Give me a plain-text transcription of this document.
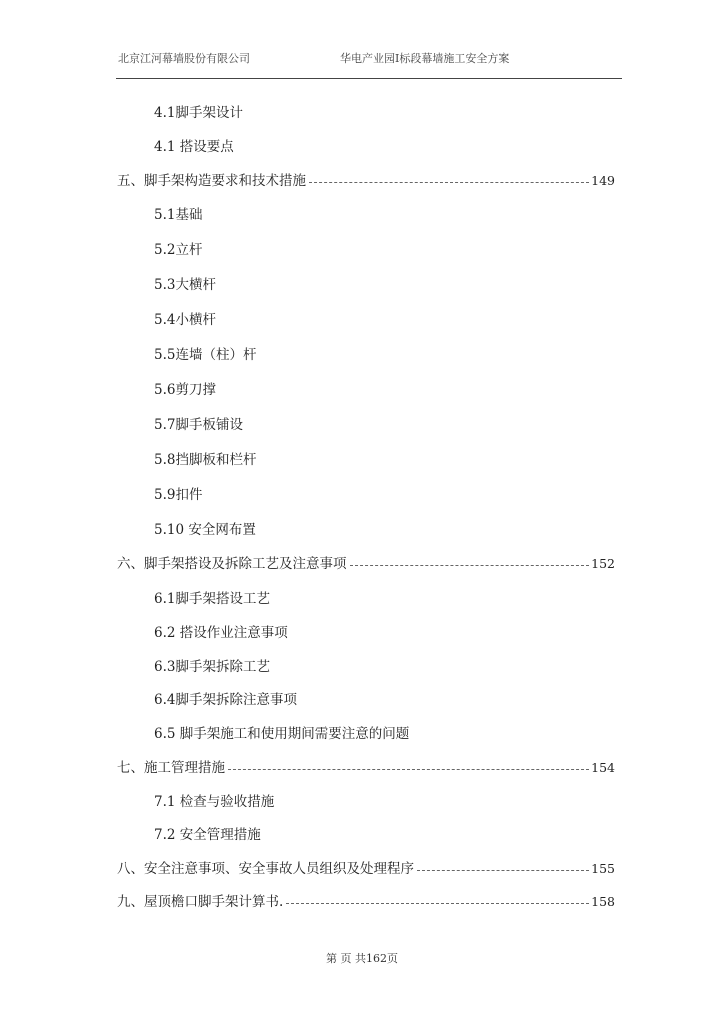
北京江河幕墙股份有限公司	华电产业园Ⅰ标段幕墙施工安全方案
4.1脚手架设计
4.1 搭设要点
五、脚手架构造要求和技术措施	149
5.1基础
5.2立杆
5.3大横杆
5.4小横杆
5.5连墙（柱）杆
5.6剪刀撑
5.7脚手板铺设
5.8挡脚板和栏杆
5.9扣件
5.10 安全网布置
六、脚手架搭设及拆除工艺及注意事项	152
6.1脚手架搭设工艺
6.2 搭设作业注意事项
6.3脚手架拆除工艺
6.4脚手架拆除注意事项
6.5 脚手架施工和使用期间需要注意的问题
七、施工管理措施	154
7.1 检查与验收措施
7.2 安全管理措施
八、安全注意事项、安全事故人员组织及处理程序	155
九、屋顶檐口脚手架计算书.	158
第 页 共162页
